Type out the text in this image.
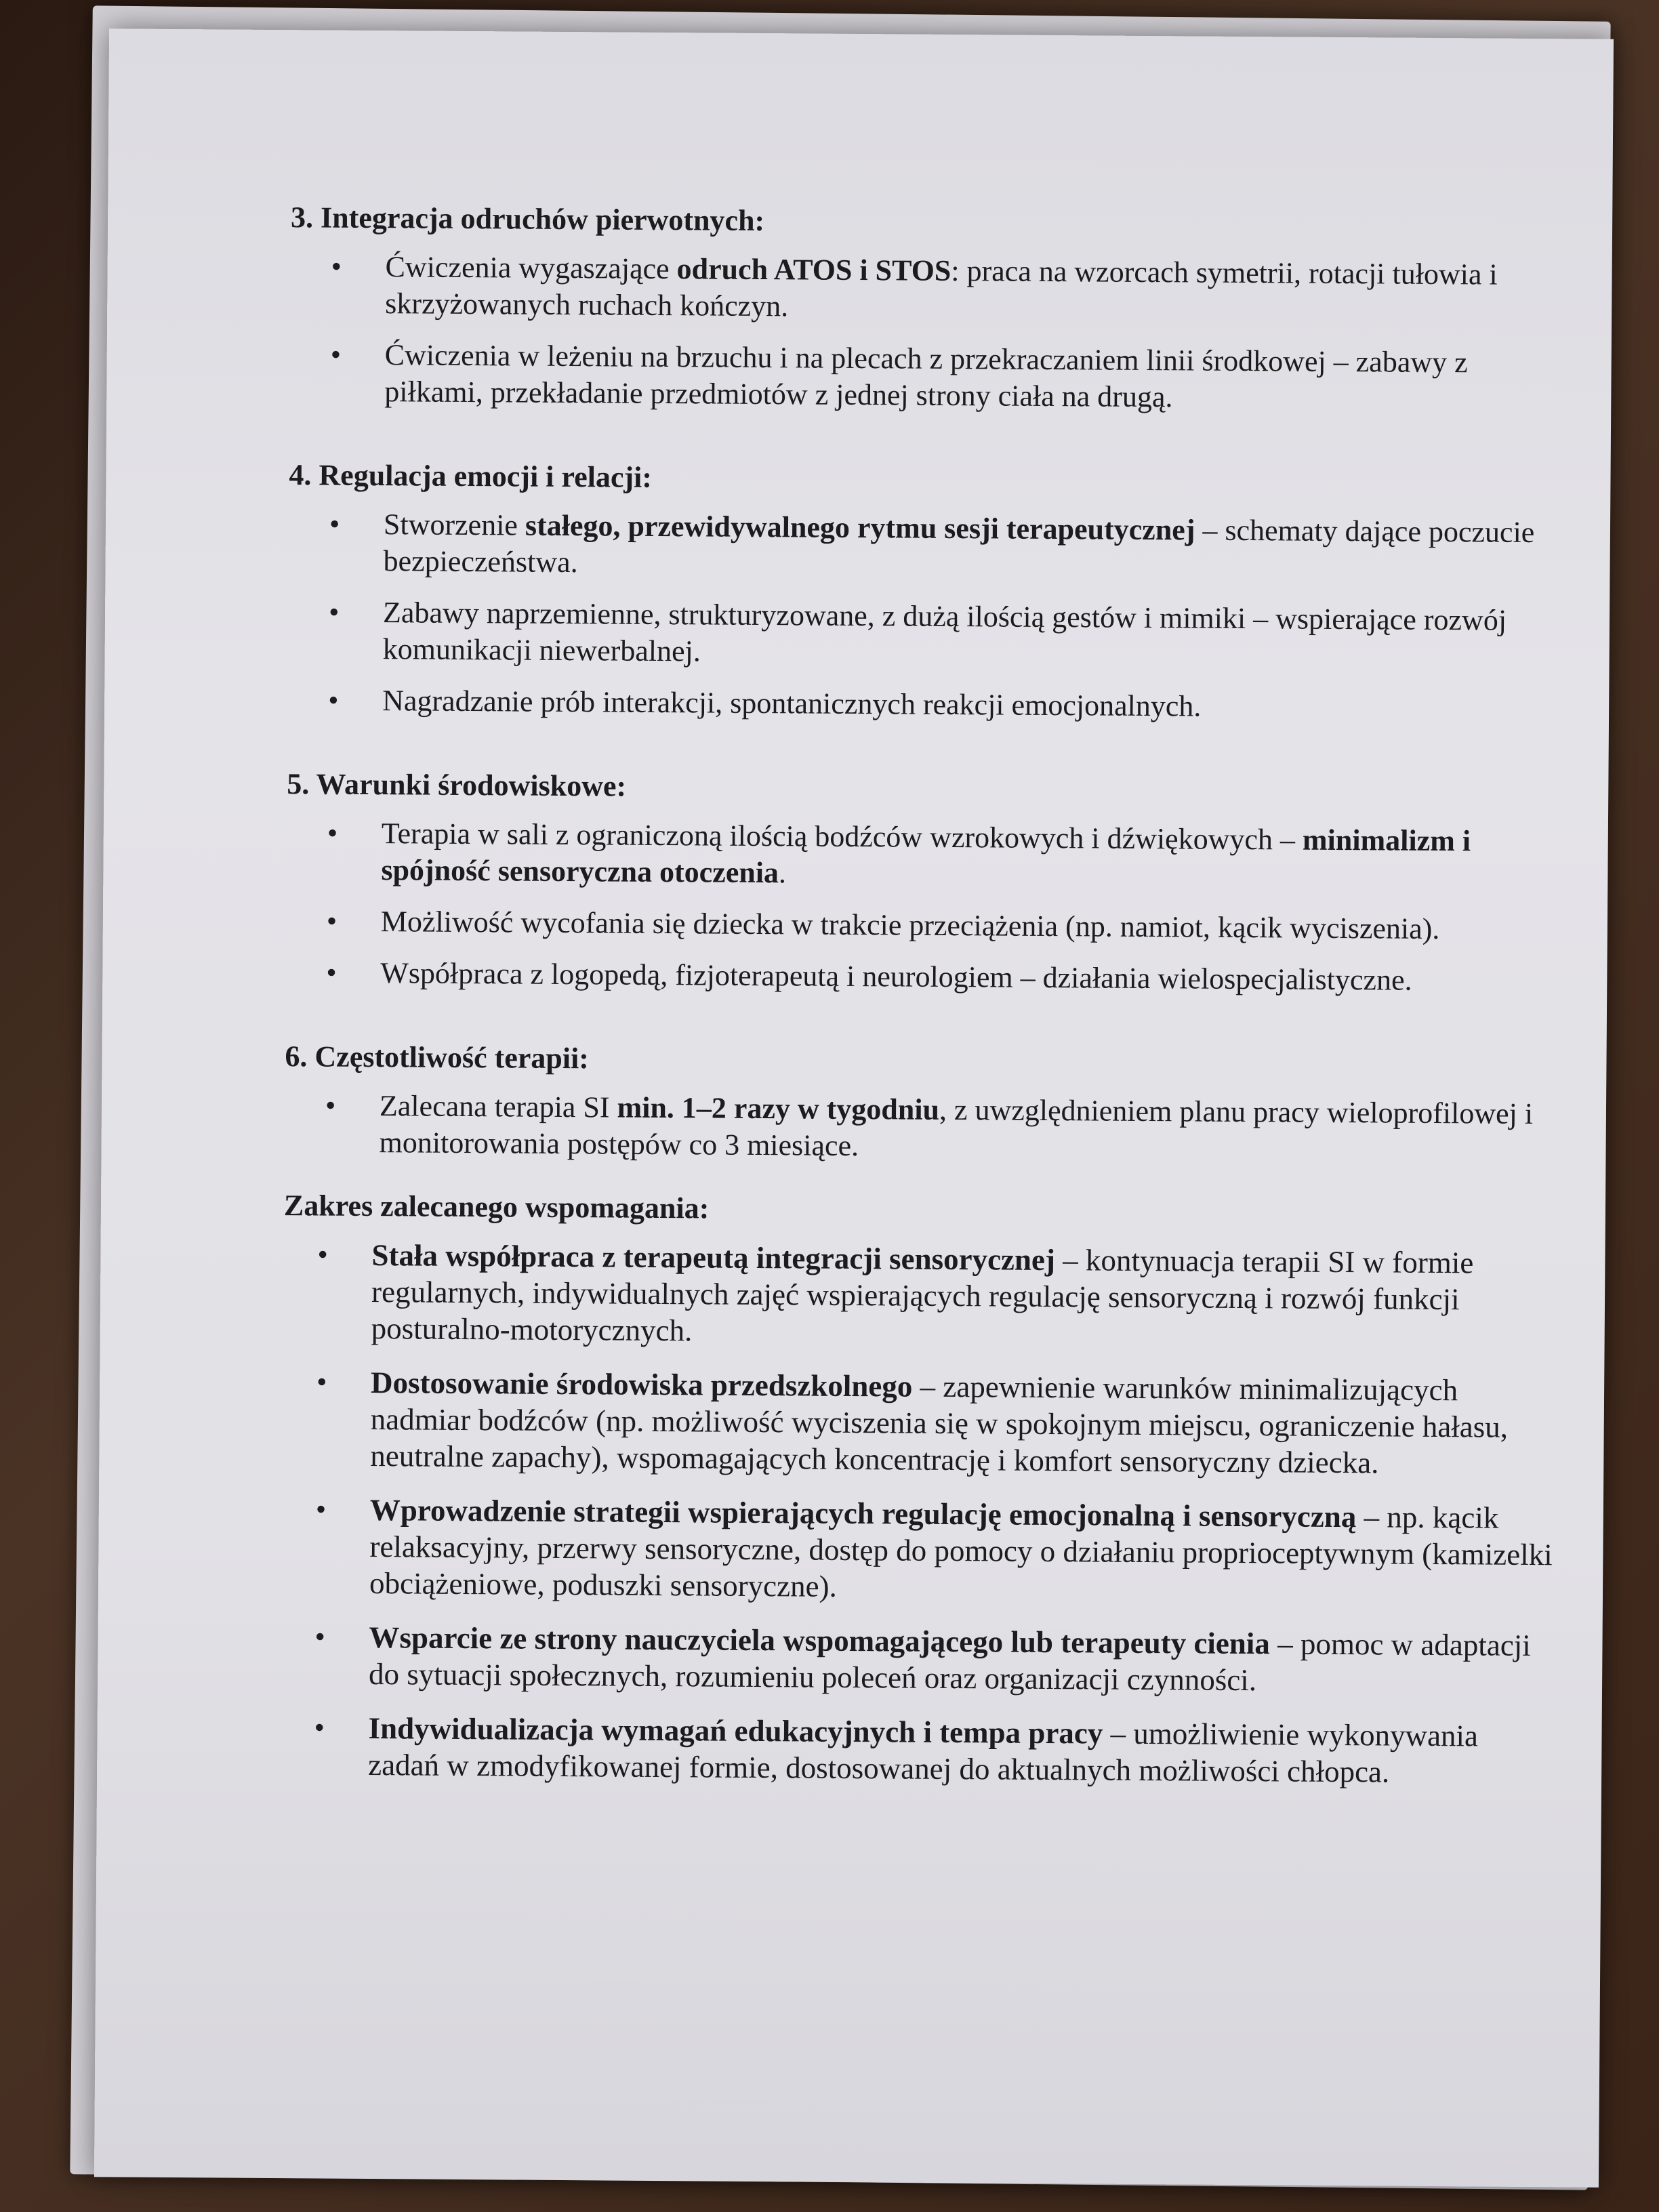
3. Integracja odruchów pierwotnych:
• Ćwiczenia wygaszające odruch ATOS i STOS: praca na wzorcach symetrii, rotacji tułowia i skrzyżowanych ruchach kończyn.
• Ćwiczenia w leżeniu na brzuchu i na plecach z przekraczaniem linii środkowej – zabawy z piłkami, przekładanie przedmiotów z jednej strony ciała na drugą.
4. Regulacja emocji i relacji:
• Stworzenie stałego, przewidywalnego rytmu sesji terapeutycznej – schematy dające poczucie bezpieczeństwa.
• Zabawy naprzemienne, strukturyzowane, z dużą ilością gestów i mimiki – wspierające rozwój komunikacji niewerbalnej.
• Nagradzanie prób interakcji, spontanicznych reakcji emocjonalnych.
5. Warunki środowiskowe:
• Terapia w sali z ograniczoną ilością bodźców wzrokowych i dźwiękowych – minimalizm i spójność sensoryczna otoczenia.
• Możliwość wycofania się dziecka w trakcie przeciążenia (np. namiot, kącik wyciszenia).
• Współpraca z logopedą, fizjoterapeutą i neurologiem – działania wielospecjalistyczne.
6. Częstotliwość terapii:
• Zalecana terapia SI min. 1–2 razy w tygodniu, z uwzględnieniem planu pracy wieloprofilowej i monitorowania postępów co 3 miesiące.
Zakres zalecanego wspomagania:
• Stała współpraca z terapeutą integracji sensorycznej – kontynuacja terapii SI w formie regularnych, indywidualnych zajęć wspierających regulację sensoryczną i rozwój funkcji posturalno-motorycznych.
• Dostosowanie środowiska przedszkolnego – zapewnienie warunków minimalizujących nadmiar bodźców (np. możliwość wyciszenia się w spokojnym miejscu, ograniczenie hałasu, neutralne zapachy), wspomagających koncentrację i komfort sensoryczny dziecka.
• Wprowadzenie strategii wspierających regulację emocjonalną i sensoryczną – np. kącik relaksacyjny, przerwy sensoryczne, dostęp do pomocy o działaniu proprioceptywnym (kamizelki obciążeniowe, poduszki sensoryczne).
• Wsparcie ze strony nauczyciela wspomagającego lub terapeuty cienia – pomoc w adaptacji do sytuacji społecznych, rozumieniu poleceń oraz organizacji czynności.
• Indywidualizacja wymagań edukacyjnych i tempa pracy – umożliwienie wykonywania zadań w zmodyfikowanej formie, dostosowanej do aktualnych możliwości chłopca.
